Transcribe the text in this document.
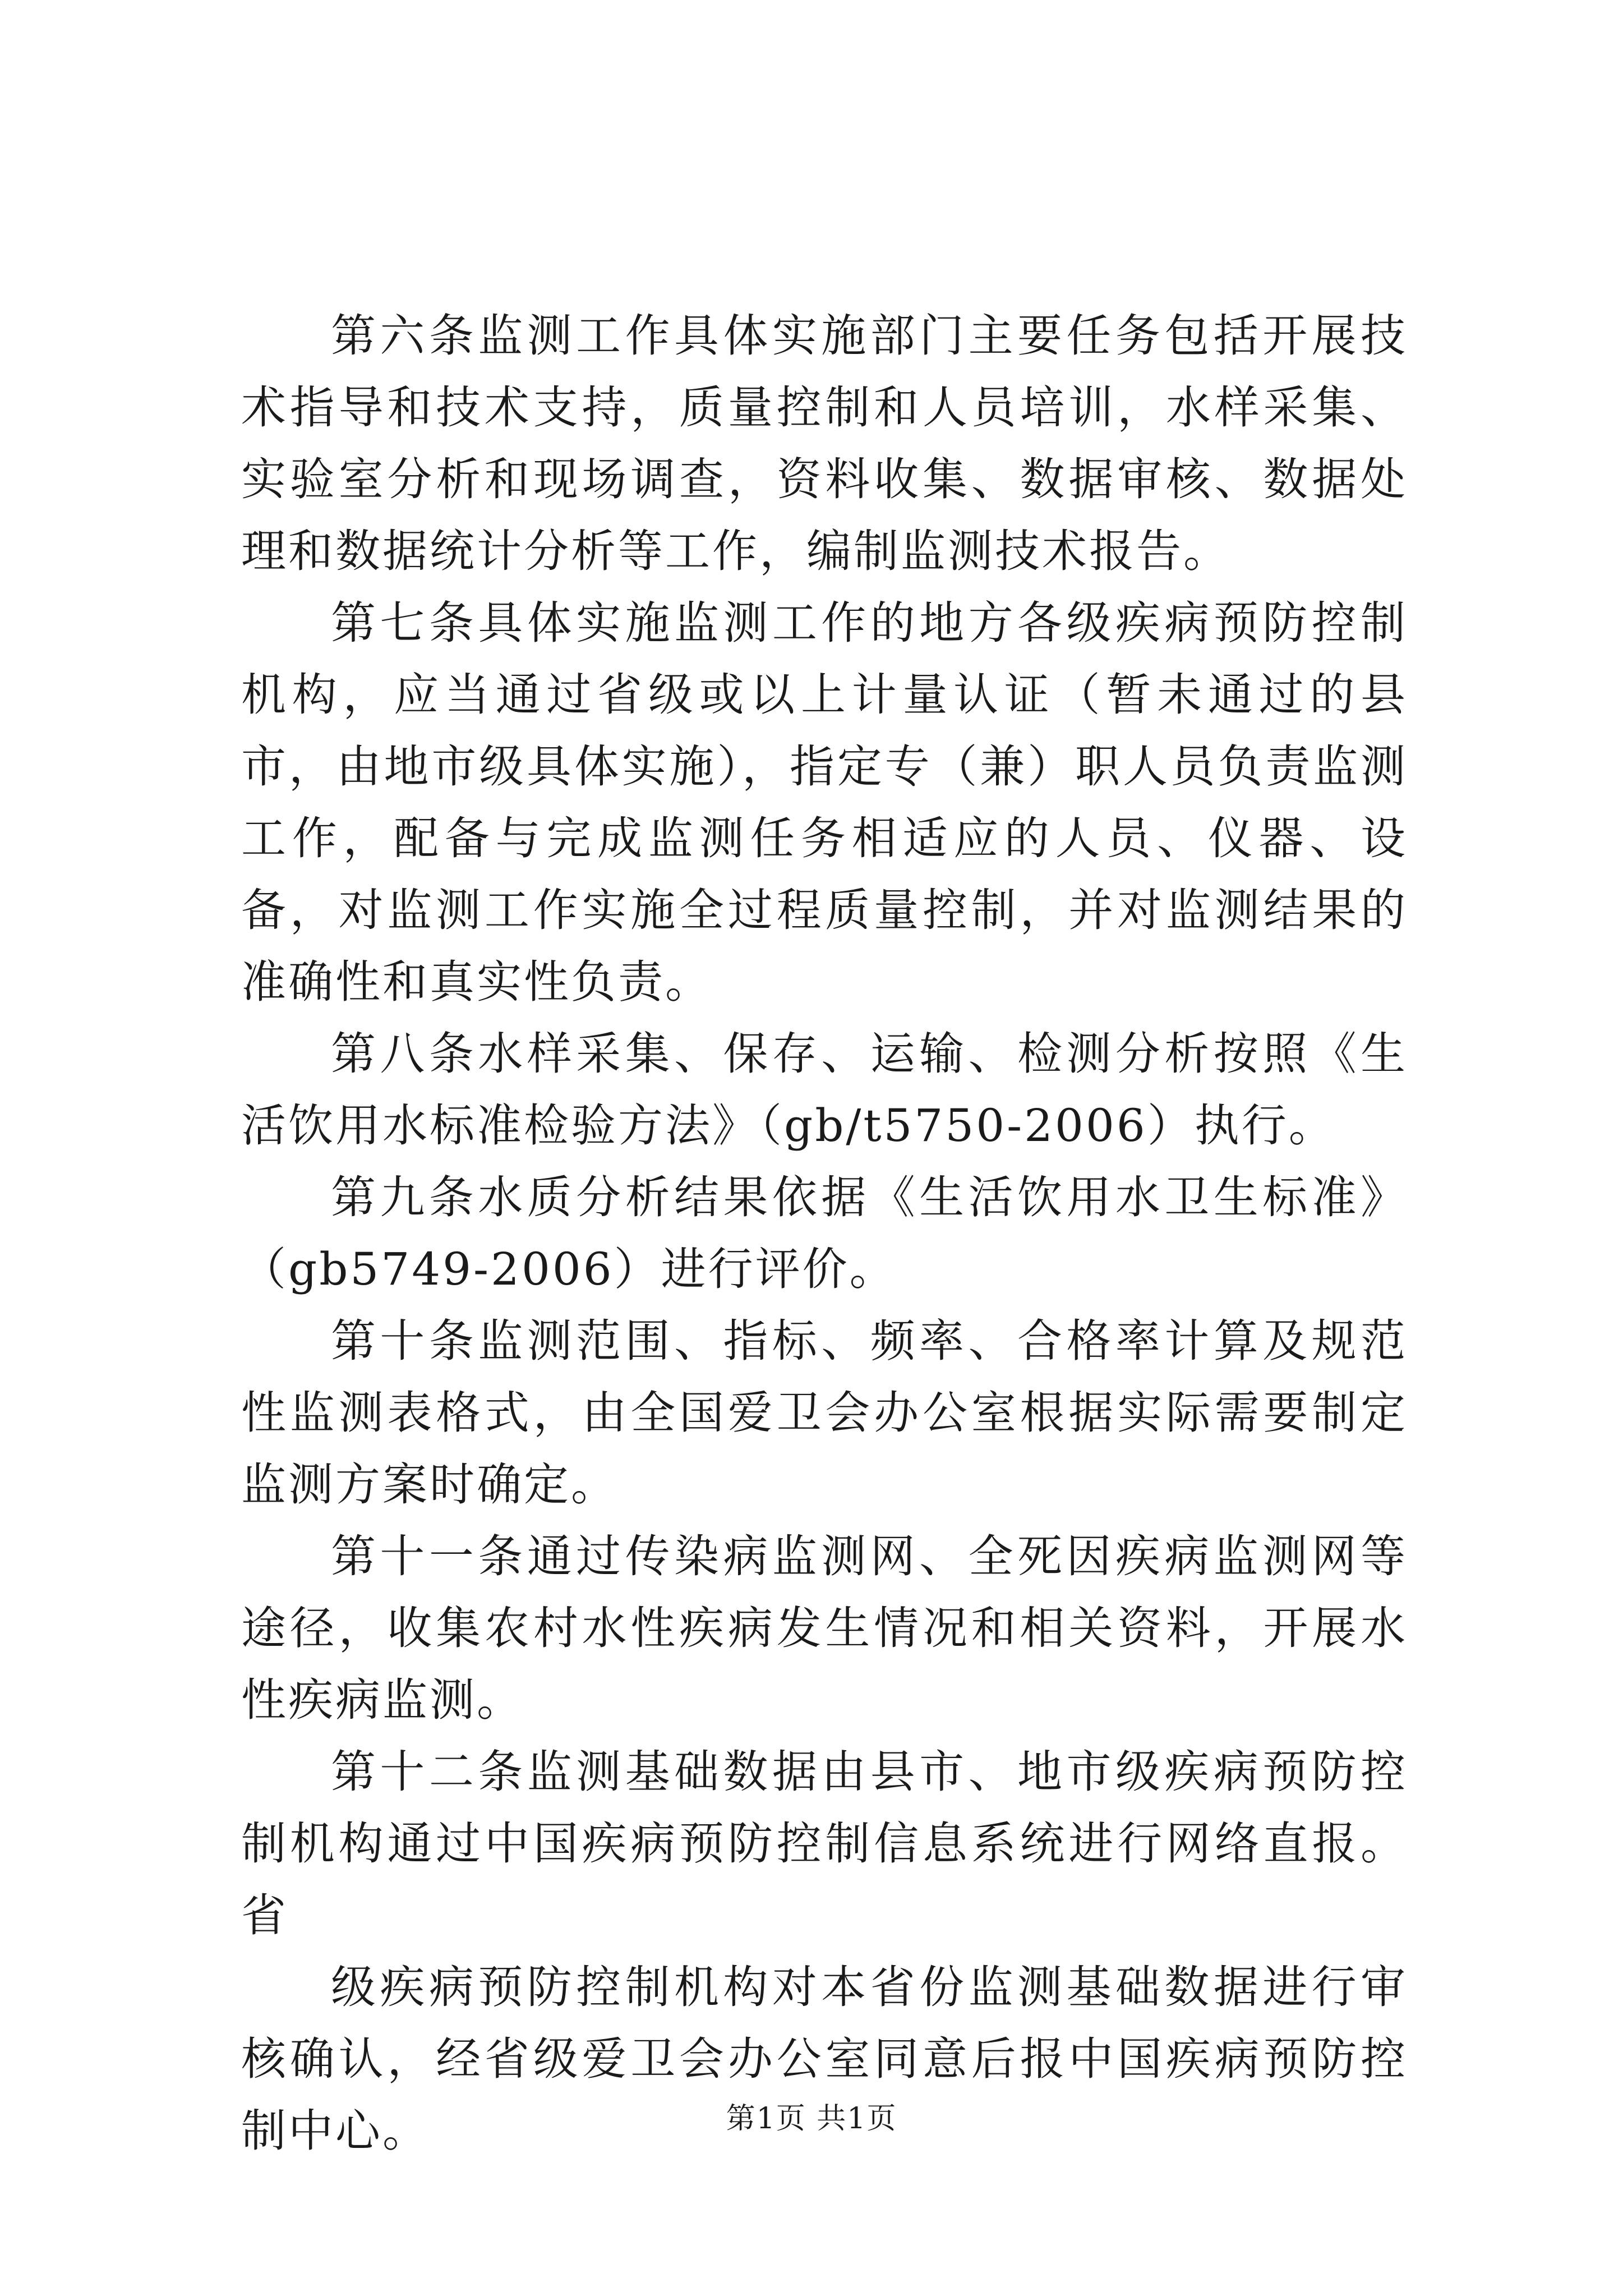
第六条监测工作具体实施部门主要任务包括开展技术指导和技术支持，质量控制和人员培训，水样采集、实验室分析和现场调查，资料收集、数据审核、数据处理和数据统计分析等工作，编制监测技术报告。

第七条具体实施监测工作的地方各级疾病预防控制机构，应当通过省级或以上计量认证（暂未通过的县市，由地市级具体实施），指定专（兼）职人员负责监测工作，配备与完成监测任务相适应的人员、仪器、设备，对监测工作实施全过程质量控制，并对监测结果的准确性和真实性负责。

第八条水样采集、保存、运输、检测分析按照《生活饮用水标准检验方法》（gb/t5750-2006）执行。

第九条水质分析结果依据《生活饮用水卫生标准》（gb5749-2006）进行评价。

第十条监测范围、指标、频率、合格率计算及规范性监测表格式，由全国爱卫会办公室根据实际需要制定监测方案时确定。

第十一条通过传染病监测网、全死因疾病监测网等途径，收集农村水性疾病发生情况和相关资料，开展水性疾病监测。

第十二条监测基础数据由县市、地市级疾病预防控制机构通过中国疾病预防控制信息系统进行网络直报。省

级疾病预防控制机构对本省份监测基础数据进行审核确认，经省级爱卫会办公室同意后报中国疾病预防控制中心。	第1页 共1页
